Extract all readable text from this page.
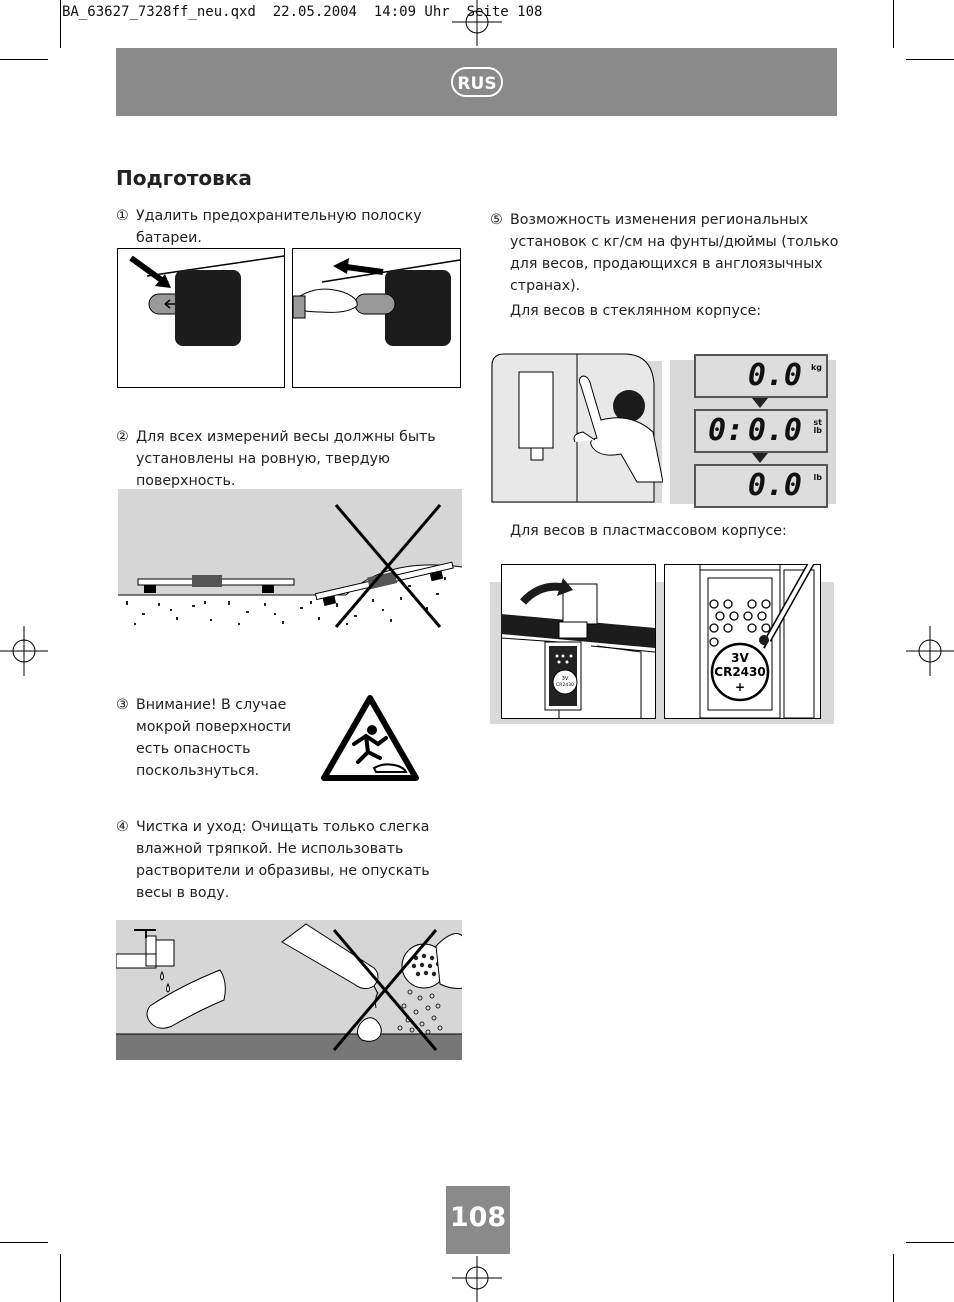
BA_63627_7328ff_neu.qxd  22.05.2004  14:09 Uhr  Seite 108
RUS
Подготовка
① Удалить предохранительную полоску батареи.
② Для всех измерений весы должны быть
установлены на ровную, твердую поверхность.
③ Внимание! В случае
мокрой поверхности
есть опасность
поскользнуться.
④ Чистка и уход: Очищать только слегка
влажной тряпкой. Не использовать
растворители и образивы, не опускать
весы в воду.
⑤ Возможность изменения региональных
установок с кг/см на фунты/дюймы (только
для весов, продающихся в англоязычных
странах).
Для весов в стеклянном корпусе:
0.0 kg
0: 0.0 st
lb
0.0 lb
Для весов в пластмассовом корпусе:
3V
CR2430
3V
CR2430
+
108
